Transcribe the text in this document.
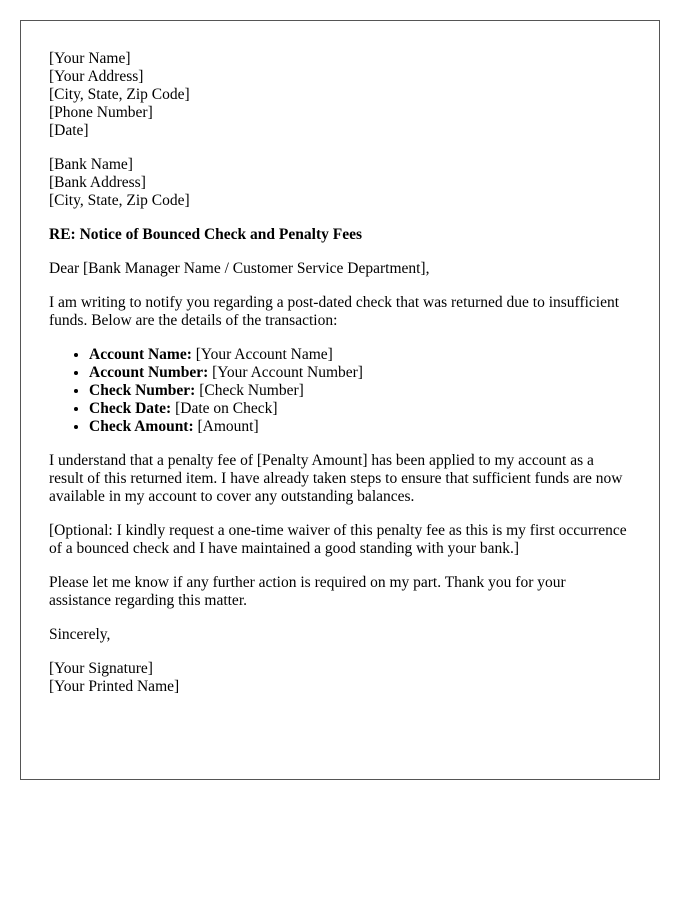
[Your Name]
[Your Address]
[City, State, Zip Code]
[Phone Number]
[Date]
[Bank Name]
[Bank Address]
[City, State, Zip Code]
RE: Notice of Bounced Check and Penalty Fees

Dear [Bank Manager Name / Customer Service Department],

I am writing to notify you regarding a post-dated check that was returned due to insufficient funds. Below are the details of the transaction:

• Account Name: [Your Account Name]
• Account Number: [Your Account Number]
• Check Number: [Check Number]
• Check Date: [Date on Check]
• Check Amount: [Amount]

I understand that a penalty fee of [Penalty Amount] has been applied to my account as a result of this returned item. I have already taken steps to ensure that sufficient funds are now available in my account to cover any outstanding balances.

[Optional: I kindly request a one-time waiver of this penalty fee as this is my first occurrence of a bounced check and I have maintained a good standing with your bank.]

Please let me know if any further action is required on my part. Thank you for your assistance regarding this matter.

Sincerely,

[Your Signature]
[Your Printed Name]
